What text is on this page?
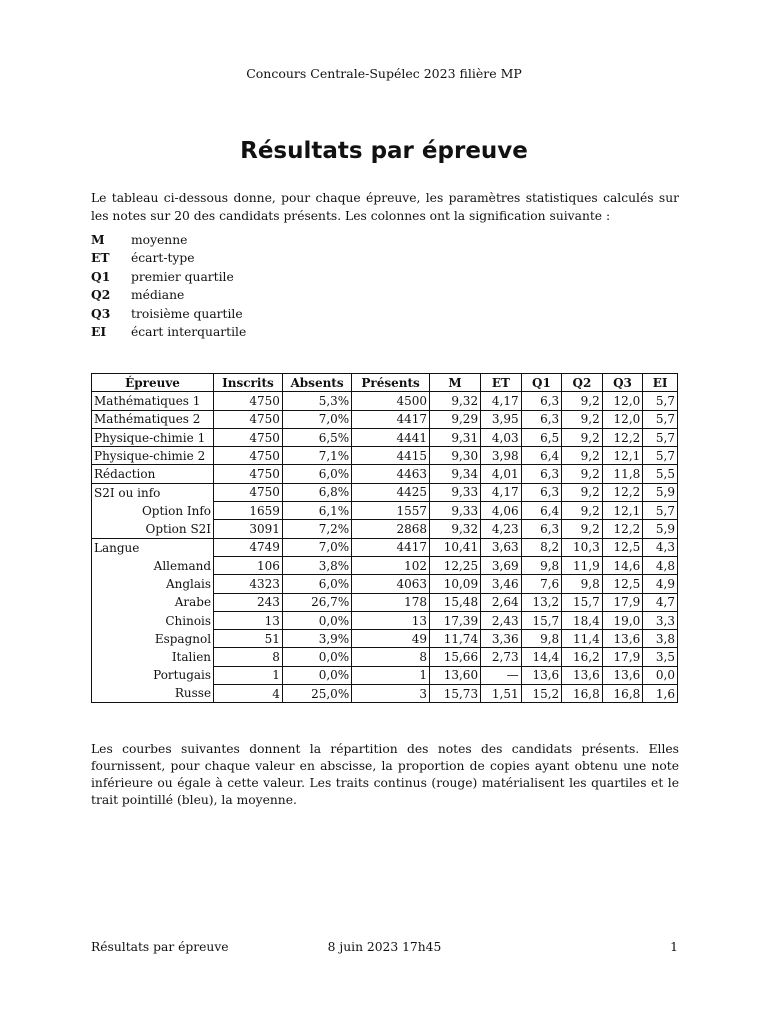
Concours Centrale-Supélec 2023 filière MP
Résultats par épreuve
Le tableau ci-dessous donne, pour chaque épreuve, les paramètres statistiques calculés sur les notes sur 20 des candidats présents. Les colonnes ont la signification suivante :
M	moyenne
ET	écart-type
Q1	premier quartile
Q2	médiane
Q3	troisième quartile
EI	écart interquartile
Épreuve	Inscrits	Absents	Présents	M	ET	Q1	Q2	Q3	EI
Mathématiques 1	4750	5,3%	4500	9,32	4,17	6,3	9,2	12,0	5,7
Mathématiques 2	4750	7,0%	4417	9,29	3,95	6,3	9,2	12,0	5,7
Physique-chimie 1	4750	6,5%	4441	9,31	4,03	6,5	9,2	12,2	5,7
Physique-chimie 2	4750	7,1%	4415	9,30	3,98	6,4	9,2	12,1	5,7
Rédaction	4750	6,0%	4463	9,34	4,01	6,3	9,2	11,8	5,5
S2I ou info	4750	6,8%	4425	9,33	4,17	6,3	9,2	12,2	5,9
Option Info	1659	6,1%	1557	9,33	4,06	6,4	9,2	12,1	5,7
Option S2I	3091	7,2%	2868	9,32	4,23	6,3	9,2	12,2	5,9
Langue	4749	7,0%	4417	10,41	3,63	8,2	10,3	12,5	4,3
Allemand	106	3,8%	102	12,25	3,69	9,8	11,9	14,6	4,8
Anglais	4323	6,0%	4063	10,09	3,46	7,6	9,8	12,5	4,9
Arabe	243	26,7%	178	15,48	2,64	13,2	15,7	17,9	4,7
Chinois	13	0,0%	13	17,39	2,43	15,7	18,4	19,0	3,3
Espagnol	51	3,9%	49	11,74	3,36	9,8	11,4	13,6	3,8
Italien	8	0,0%	8	15,66	2,73	14,4	16,2	17,9	3,5
Portugais	1	0,0%	1	13,60	—	13,6	13,6	13,6	0,0
Russe	4	25,0%	3	15,73	1,51	15,2	16,8	16,8	1,6
Les courbes suivantes donnent la répartition des notes des candidats présents. Elles fournissent, pour chaque valeur en abscisse, la proportion de copies ayant obtenu une note inférieure ou égale à cette valeur. Les traits continus (rouge) matérialisent les quartiles et le trait pointillé (bleu), la moyenne.
Résultats par épreuve	8 juin 2023 17h45	1
